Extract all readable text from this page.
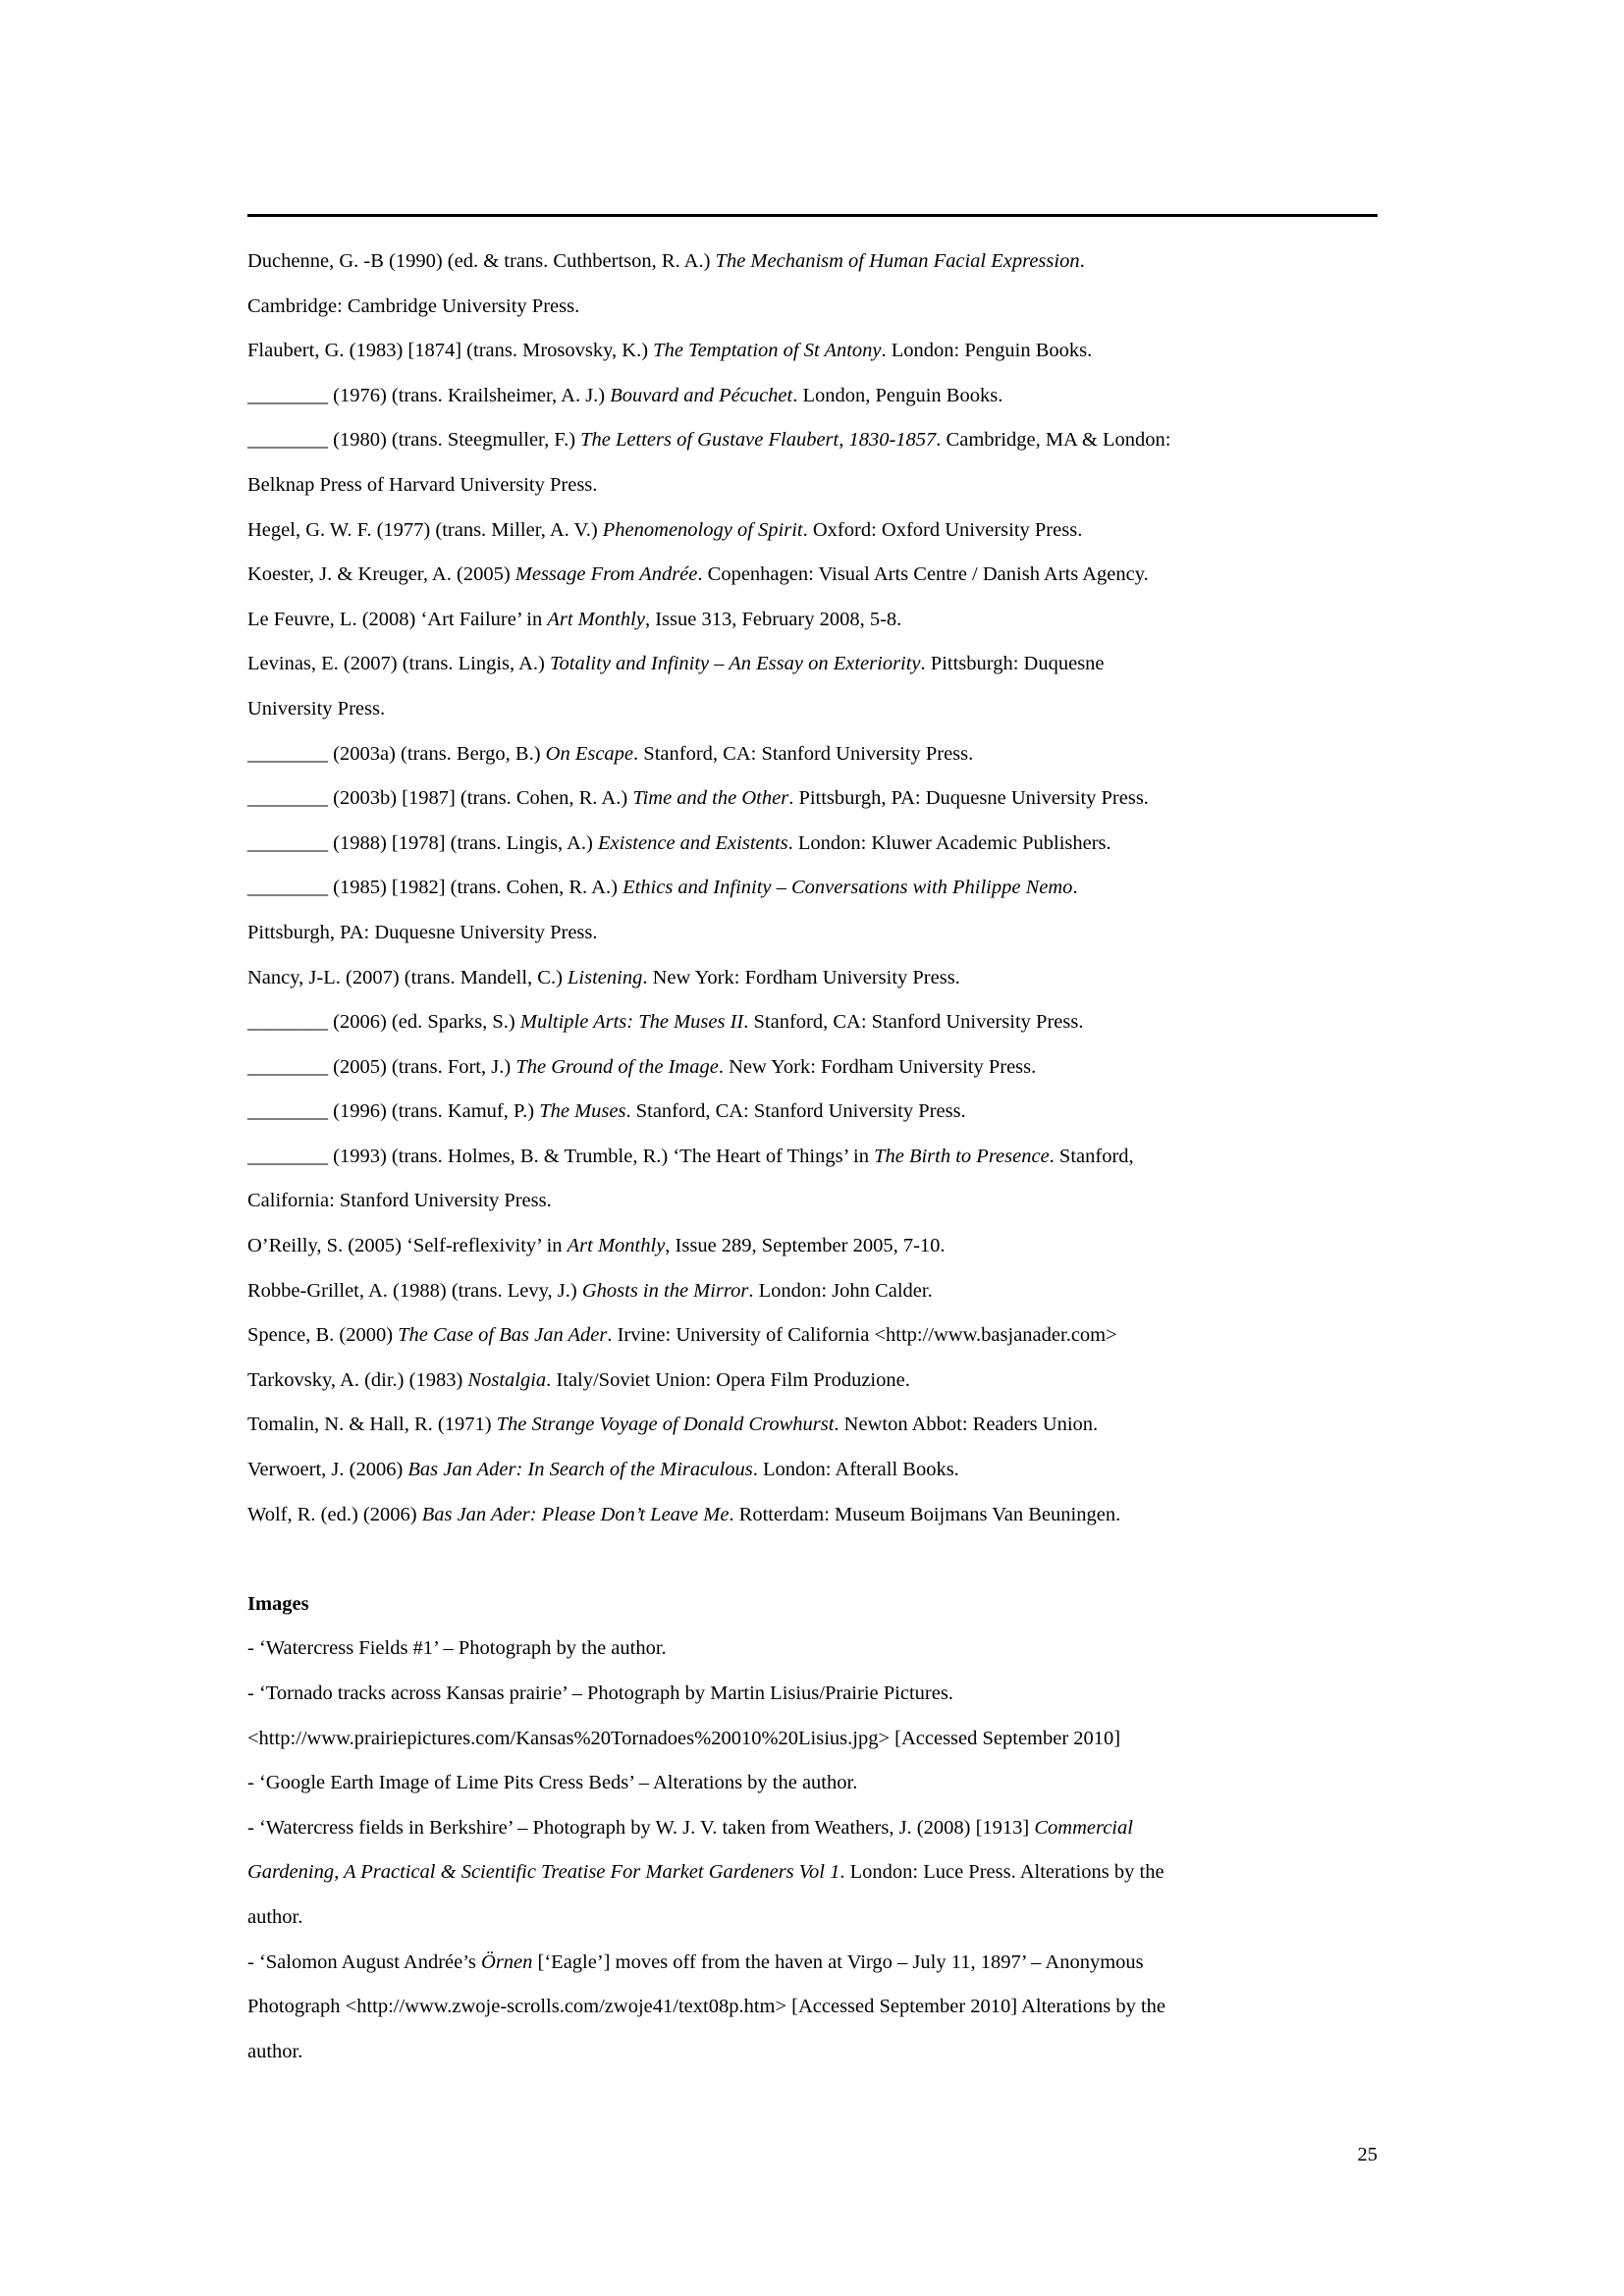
Duchenne, G. -B (1990) (ed. & trans. Cuthbertson, R. A.) The Mechanism of Human Facial Expression.
Cambridge: Cambridge University Press.
Flaubert, G. (1983) [1874] (trans. Mrosovsky, K.) The Temptation of St Antony. London: Penguin Books.
________ (1976) (trans. Krailsheimer, A. J.) Bouvard and Pécuchet. London, Penguin Books.
________ (1980) (trans. Steegmuller, F.) The Letters of Gustave Flaubert, 1830-1857. Cambridge, MA & London:
Belknap Press of Harvard University Press.
Hegel, G. W. F. (1977) (trans. Miller, A. V.) Phenomenology of Spirit. Oxford: Oxford University Press.
Koester, J. & Kreuger, A. (2005) Message From Andrée. Copenhagen: Visual Arts Centre / Danish Arts Agency.
Le Feuvre, L. (2008) ‘Art Failure’ in Art Monthly, Issue 313, February 2008, 5-8.
Levinas, E. (2007) (trans. Lingis, A.) Totality and Infinity – An Essay on Exteriority. Pittsburgh: Duquesne
University Press.
________ (2003a) (trans. Bergo, B.) On Escape. Stanford, CA: Stanford University Press.
________ (2003b) [1987] (trans. Cohen, R. A.) Time and the Other. Pittsburgh, PA: Duquesne University Press.
________ (1988) [1978] (trans. Lingis, A.) Existence and Existents. London: Kluwer Academic Publishers.
________ (1985) [1982] (trans. Cohen, R. A.) Ethics and Infinity – Conversations with Philippe Nemo.
Pittsburgh, PA: Duquesne University Press.
Nancy, J-L. (2007) (trans. Mandell, C.) Listening. New York: Fordham University Press.
________ (2006) (ed. Sparks, S.) Multiple Arts: The Muses II. Stanford, CA: Stanford University Press.
________ (2005) (trans. Fort, J.) The Ground of the Image. New York: Fordham University Press.
________ (1996) (trans. Kamuf, P.) The Muses. Stanford, CA: Stanford University Press.
________ (1993) (trans. Holmes, B. & Trumble, R.) ‘The Heart of Things’ in The Birth to Presence. Stanford,
California: Stanford University Press.
O’Reilly, S. (2005) ‘Self-reflexivity’ in Art Monthly, Issue 289, September 2005, 7-10.
Robbe-Grillet, A. (1988) (trans. Levy, J.) Ghosts in the Mirror. London: John Calder.
Spence, B. (2000) The Case of Bas Jan Ader. Irvine: University of California <http://www.basjanader.com>
Tarkovsky, A. (dir.) (1983) Nostalgia. Italy/Soviet Union: Opera Film Produzione.
Tomalin, N. & Hall, R. (1971) The Strange Voyage of Donald Crowhurst. Newton Abbot: Readers Union.
Verwoert, J. (2006) Bas Jan Ader: In Search of the Miraculous. London: Afterall Books.
Wolf, R. (ed.) (2006) Bas Jan Ader: Please Don’t Leave Me. Rotterdam: Museum Boijmans Van Beuningen.
Images
- ‘Watercress Fields #1’ – Photograph by the author.
- ‘Tornado tracks across Kansas prairie’ – Photograph by Martin Lisius/Prairie Pictures.
<http://www.prairiepictures.com/Kansas%20Tornadoes%20010%20Lisius.jpg> [Accessed September 2010]
- ‘Google Earth Image of Lime Pits Cress Beds’ – Alterations by the author.
- ‘Watercress fields in Berkshire’ – Photograph by W. J. V. taken from Weathers, J. (2008) [1913] Commercial
Gardening, A Practical & Scientific Treatise For Market Gardeners Vol 1. London: Luce Press. Alterations by the
author.
- ‘Salomon August Andrée’s Örnen [‘Eagle’] moves off from the haven at Virgo – July 11, 1897’ – Anonymous
Photograph <http://www.zwoje-scrolls.com/zwoje41/text08p.htm> [Accessed September 2010] Alterations by the
author.
25
